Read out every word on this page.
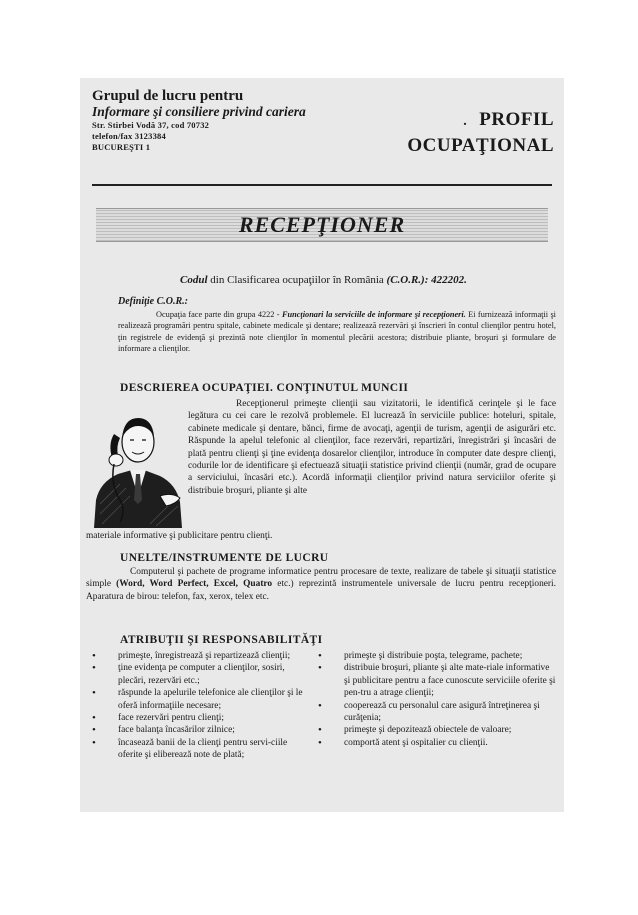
Grupul de lucru pentru
Informare şi consiliere privind cariera
Str. Stirbei Vodă 37, cod 70732
telefon/fax 3123384
BUCUREŞTI 1
. PROFIL
OCUPAŢIONAL
RECEPŢIONER
Codul din Clasificarea ocupaţiilor în România (C.O.R.): 422202.
Definiţie C.O.R.:
Ocupaţia face parte din grupa 4222 - Funcţionari la serviciile de informare şi recepţioneri. Ei furnizează informaţii şi realizează programări pentru spitale, cabinete medicale şi dentare; realizează rezervări şi înscrieri în contul clienţilor pentru hotel, ţin registrele de evidenţă şi prezintă note clienţilor în momentul plecării acestora; distribuie pliante, broşuri şi formulare de informare a clienţilor.
DESCRIEREA OCUPAŢIEI. CONŢINUTUL MUNCII
Recepţionerul primeşte clienţii sau vizitatorii, le identifică cerinţele şi le face legătura cu cei care le rezolvă problemele. El lucrează în serviciile publice: hoteluri, spitale, cabinete medicale şi dentare, bănci, firme de avocaţi, agenţii de turism, agenţii de asigurări etc. Răspunde la apelul telefonic al clienţilor, face rezervări, repartizări, înregistrări şi încasări de plată pentru clienţi şi ţine evidenţa dosarelor clienţilor, introduce în computer date despre clienţi, codurile lor de identificare şi efectuează situaţii statistice privind clienţii (număr, grad de ocupare a serviciului, încasări etc.). Acordă informaţii clienţilor privind natura serviciilor oferite şi distribuie broşuri, pliante şi alte
materiale informative şi publicitare pentru clienţi.
UNELTE/INSTRUMENTE DE LUCRU
Computerul şi pachete de programe informatice pentru procesare de texte, realizare de tabele şi situaţii statistice simple (Word, Word Perfect, Excel, Quatro etc.) reprezintă instrumentele universale de lucru pentru recepţioneri. Aparatura de birou: telefon, fax, xerox, telex etc.
ATRIBUŢII ŞI RESPONSABILITĂŢI
• primeşte, înregistrează şi repartizează clienţii;
• ţine evidenţa pe computer a clienţilor, sosiri, plecări, rezervări etc.;
• răspunde la apelurile telefonice ale clienţilor şi le oferă informaţiile necesare;
• face rezervări pentru clienţi;
• face balanţa încasărilor zilnice;
• încasează banii de la clienţi pentru servi-ciile oferite şi eliberează note de plată;
• primeşte şi distribuie poşta, telegrame, pachete;
• distribuie broşuri, pliante şi alte mate-riale informative şi publicitare pentru a face cunoscute serviciile oferite şi pen-tru a atrage clienţii;
• cooperează cu personalul care asigură întreţinerea şi curăţenia;
• primeşte şi depozitează obiectele de valoare;
• comportă atent şi ospitalier cu clienţii.
